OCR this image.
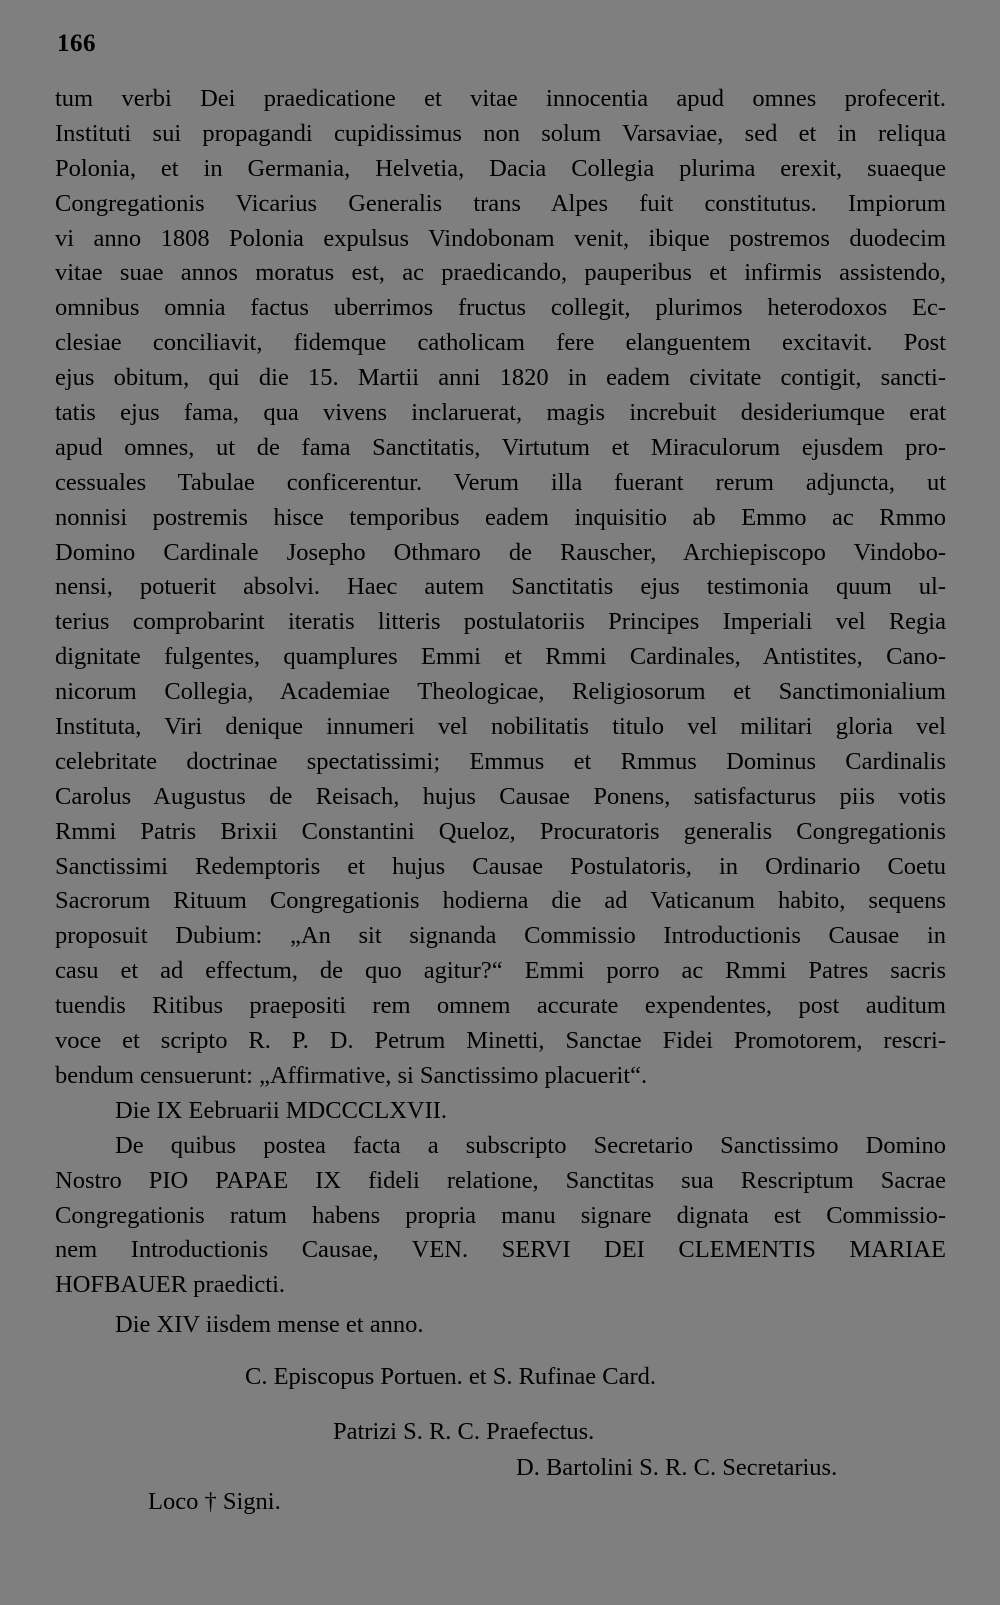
166
tum verbi Dei praedicatione et vitae innocentia apud omnes profecerit.
Instituti sui propagandi cupidissimus non solum Varsaviae, sed et in reliqua
Polonia, et in Germania, Helvetia, Dacia Collegia plurima erexit, suaeque
Congregationis Vicarius Generalis trans Alpes fuit constitutus. Impiorum
vi anno 1808 Polonia expulsus Vindobonam venit, ibique postremos duodecim
vitae suae annos moratus est, ac praedicando, pauperibus et infirmis assistendo,
omnibus omnia factus uberrimos fructus collegit, plurimos heterodoxos Ec-
clesiae conciliavit, fidemque catholicam fere elanguentem excitavit. Post
ejus obitum, qui die 15. Martii anni 1820 in eadem civitate contigit, sancti-
tatis ejus fama, qua vivens inclaruerat, magis increbuit desideriumque erat
apud omnes, ut de fama Sanctitatis, Virtutum et Miraculorum ejusdem pro-
cessuales Tabulae conficerentur. Verum illa fuerant rerum adjuncta, ut
nonnisi postremis hisce temporibus eadem inquisitio ab Emmo ac Rmmo
Domino Cardinale Josepho Othmaro de Rauscher, Archiepiscopo Vindobo-
nensi, potuerit absolvi. Haec autem Sanctitatis ejus testimonia quum ul-
terius comprobarint iteratis litteris postulatoriis Principes Imperiali vel Regia
dignitate fulgentes, quamplures Emmi et Rmmi Cardinales, Antistites, Cano-
nicorum Collegia, Academiae Theologicae, Religiosorum et Sanctimonialium
Instituta, Viri denique innumeri vel nobilitatis titulo vel militari gloria vel
celebritate doctrinae spectatissimi; Emmus et Rmmus Dominus Cardinalis
Carolus Augustus de Reisach, hujus Causae Ponens, satisfacturus piis votis
Rmmi Patris Brixii Constantini Queloz, Procuratoris generalis Congregationis
Sanctissimi Redemptoris et hujus Causae Postulatoris, in Ordinario Coetu
Sacrorum Rituum Congregationis hodierna die ad Vaticanum habito, sequens
proposuit Dubium: „An sit signanda Commissio Introductionis Causae in
casu et ad effectum, de quo agitur?“ Emmi porro ac Rmmi Patres sacris
tuendis Ritibus praepositi rem omnem accurate expendentes, post auditum
voce et scripto R. P. D. Petrum Minetti, Sanctae Fidei Promotorem, rescri-
bendum censuerunt: „Affirmative, si Sanctissimo placuerit“.
Die IX Eebruarii MDCCCLXVII.
De quibus postea facta a subscripto Secretario Sanctissimo Domino
Nostro PIO PAPAE IX fideli relatione, Sanctitas sua Rescriptum Sacrae
Congregationis ratum habens propria manu signare dignata est Commissio-
nem Introductionis Causae, VEN. SERVI DEI CLEMENTIS MARIAE
HOFBAUER praedicti.
Die XIV iisdem mense et anno.
C. Episcopus Portuen. et S. Rufinae Card.
Patrizi S. R. C. Praefectus.
D. Bartolini S. R. C. Secretarius.
Loco † Signi.
